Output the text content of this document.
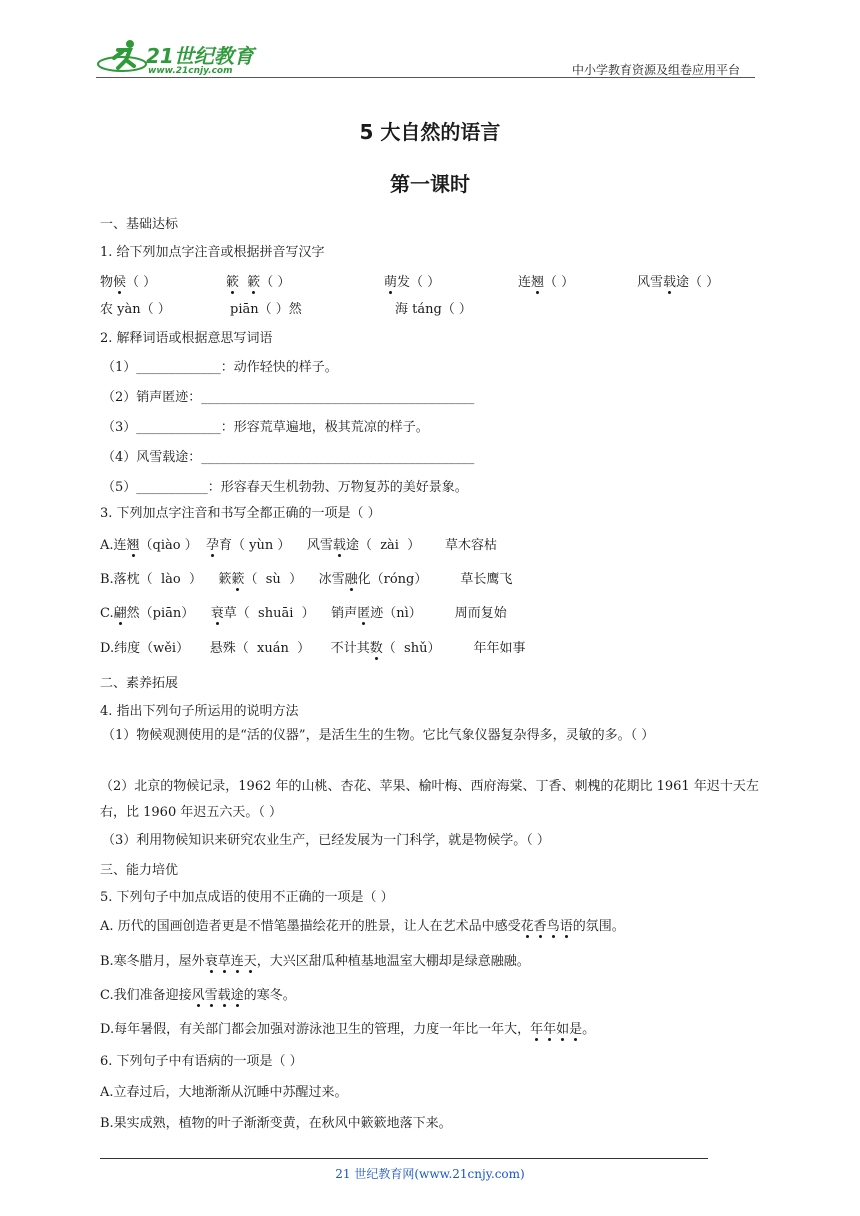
21世纪教育
www.21cnjy.com	中小学教育资源及组卷应用平台
5 大自然的语言
第一课时
一、基础达标
1. 给下列加点字注音或根据拼音写汉字
物候（ ）	簌 簌（ ）	萌发（ ）	连翘（ ）	风雪载途（ ）
农 yàn（ ）	piān（ ）然	海 táng（ ）
2. 解释词语或根据意思写词语
（1）_____________：动作轻快的样子。
（2）销声匿迹：__________________________________________
（3）_____________：形容荒草遍地，极其荒凉的样子。
（4）风雪载途：__________________________________________
（5）___________：形容春天生机勃勃、万物复苏的美好景象。
3. 下列加点字注音和书写全都正确的一项是（ ）
A.连翘（qiào ）  孕育（ yùn ）    风雪载途（  zài  ）      草木容枯
B.落枕（  lào  ）    簌簌（  sù  ）    冰雪融化（róng）        草长鹰飞
C.翩然（piān）    衰草（  shuāi  ）    销声匿迹（nì）        周而复始
D.纬度（wěi）     悬殊（  xuán  ）     不计其数（  shǔ）        年年如事
二、素养拓展
4. 指出下列句子所运用的说明方法
（1）物候观测使用的是“活的仪器”，是活生生的生物。它比气象仪器复杂得多，灵敏的多。（ ）
（2）北京的物候记录，1962 年的山桃、杏花、苹果、榆叶梅、西府海棠、丁香、刺槐的花期比 1961 年迟十天左右，比 1960 年迟五六天。（ ）
（3）利用物候知识来研究农业生产，已经发展为一门科学，就是物候学。（ ）
三、能力培优
5. 下列句子中加点成语的使用不正确的一项是（ ）
A. 历代的国画创造者更是不惜笔墨描绘花开的胜景，让人在艺术品中感受花香鸟语的氛围。
B.寒冬腊月，屋外衰草连天，大兴区甜瓜种植基地温室大棚却是绿意融融。
C.我们准备迎接风雪载途的寒冬。
D.每年暑假，有关部门都会加强对游泳池卫生的管理，力度一年比一年大，年年如是。
6. 下列句子中有语病的一项是（ ）
A.立春过后，大地渐渐从沉睡中苏醒过来。
B.果实成熟，植物的叶子渐渐变黄，在秋风中簌簌地落下来。
21 世纪教育网(www.21cnjy.com)
